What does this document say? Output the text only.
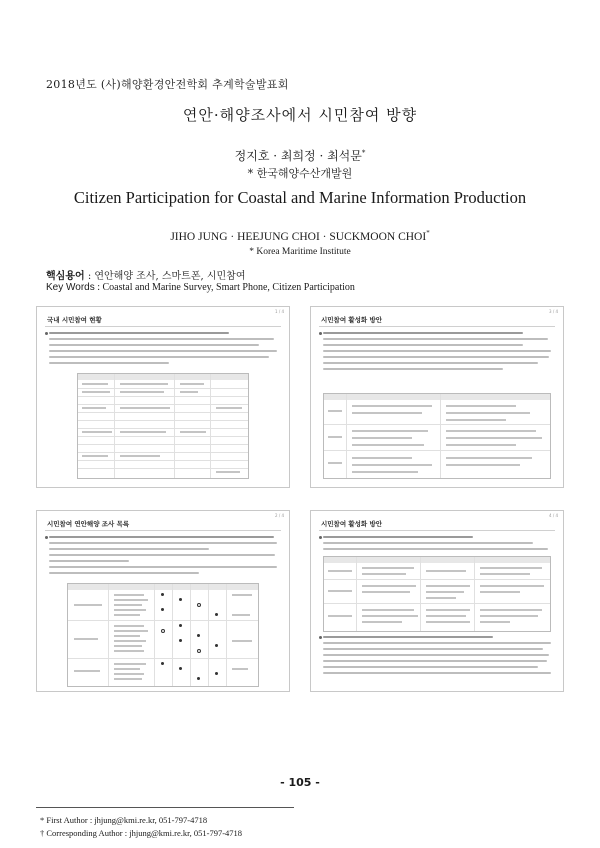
2018년도 (사)해양환경안전학회 추계학술발표회
연안·해양조사에서 시민참여 방향
정지호 · 최희정 · 최석문*
* 한국해양수산개발원
Citizen Participation for Coastal and Marine Information Production
JIHO JUNG · HEEJUNG CHOI · SUCKMOON CHOI*
* Korea Maritime Institute
핵심용어 : 연안해양 조사, 스마트폰, 시민참여
Key Words : Coastal and Marine Survey, Smart Phone, Citizen Participation
1 / 4
국내 시민참여 현황
3 / 4
시민참여 활성화 방안
2 / 4
시민참여 연안해양 조사 목록
4 / 4
시민참여 활성화 방안
- 105 -
* First Author : jhjung@kmi.re.kr, 051-797-4718
† Corresponding Author : jhjung@kmi.re.kr, 051-797-4718
